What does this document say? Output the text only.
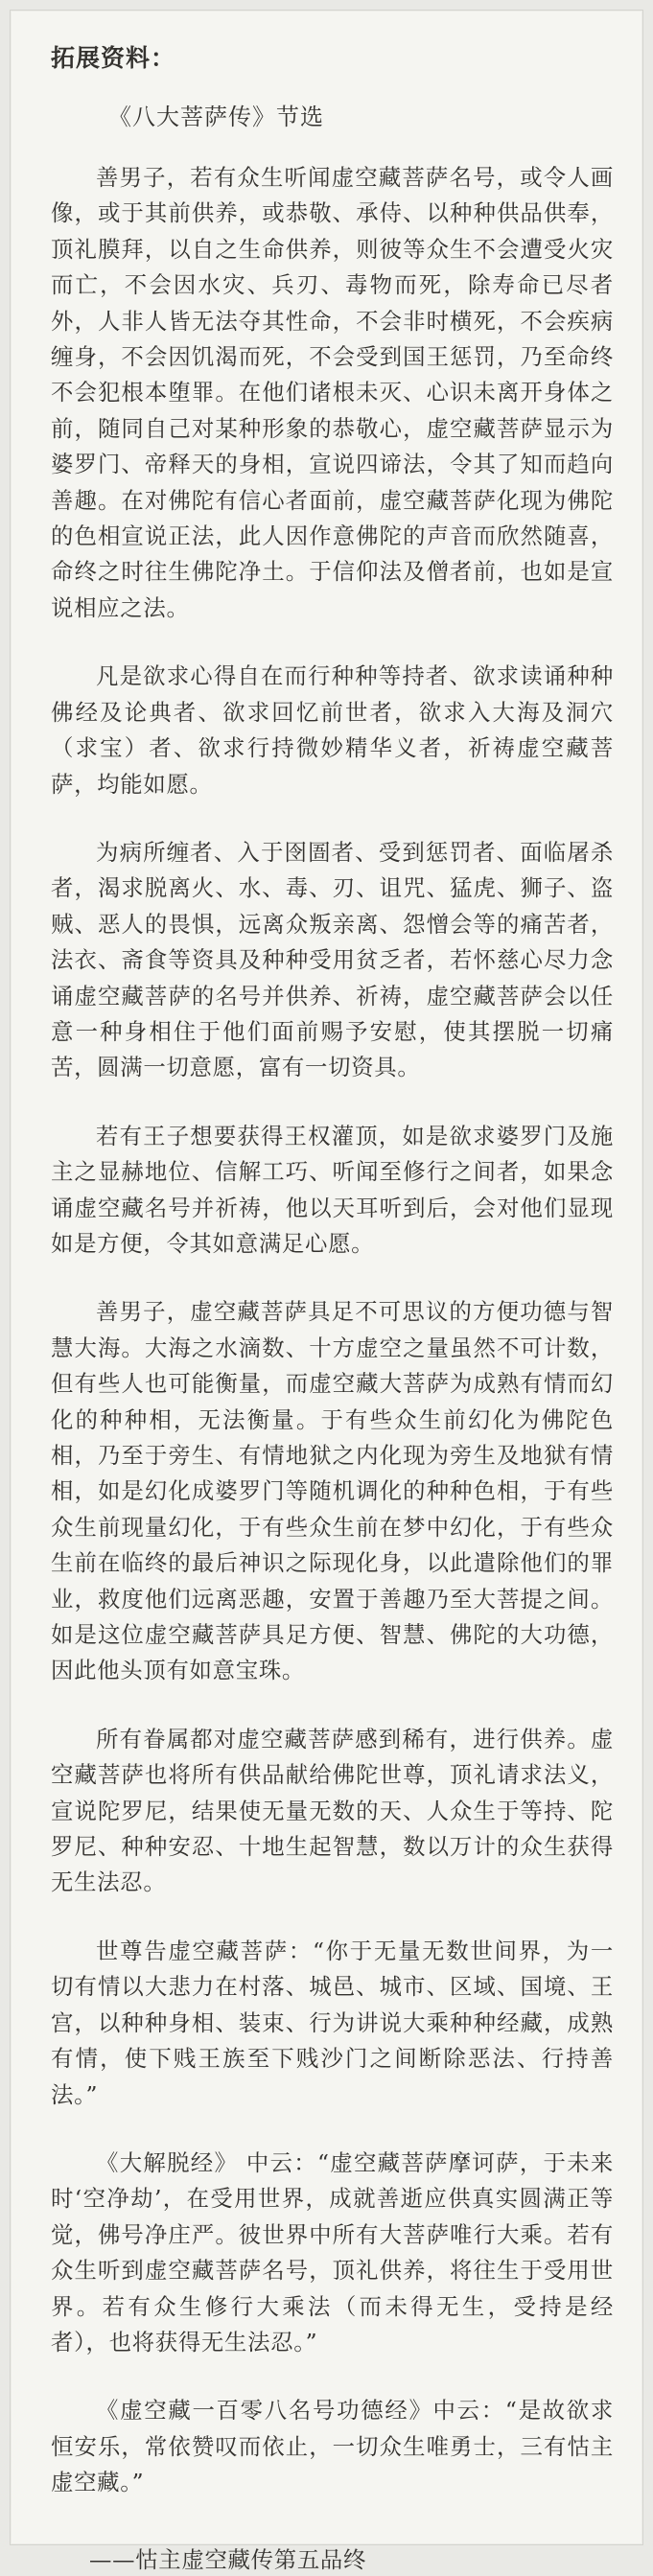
拓展资料：

《八大菩萨传》节选

善男子，若有众生听闻虚空藏菩萨名号，或令人画像，或于其前供养，或恭敬、承侍、以种种供品供奉，顶礼膜拜，以自之生命供养，则彼等众生不会遭受火灾而亡，不会因水灾、兵刃、毒物而死，除寿命已尽者外，人非人皆无法夺其性命，不会非时横死，不会疾病缠身，不会因饥渴而死，不会受到国王惩罚，乃至命终不会犯根本堕罪。在他们诸根未灭、心识未离开身体之前，随同自己对某种形象的恭敬心，虚空藏菩萨显示为婆罗门、帝释天的身相，宣说四谛法，令其了知而趋向善趣。在对佛陀有信心者面前，虚空藏菩萨化现为佛陀的色相宣说正法，此人因作意佛陀的声音而欣然随喜，命终之时往生佛陀净土。于信仰法及僧者前，也如是宣说相应之法。

凡是欲求心得自在而行种种等持者、欲求读诵种种佛经及论典者、欲求回忆前世者，欲求入大海及洞穴（求宝）者、欲求行持微妙精华义者，祈祷虚空藏菩萨，均能如愿。

为病所缠者、入于囹圄者、受到惩罚者、面临屠杀者，渴求脱离火、水、毒、刃、诅咒、猛虎、狮子、盗贼、恶人的畏惧，远离众叛亲离、怨憎会等的痛苦者，法衣、斋食等资具及种种受用贫乏者，若怀慈心尽力念诵虚空藏菩萨的名号并供养、祈祷，虚空藏菩萨会以任意一种身相住于他们面前赐予安慰，使其摆脱一切痛苦，圆满一切意愿，富有一切资具。

若有王子想要获得王权灌顶，如是欲求婆罗门及施主之显赫地位、信解工巧、听闻至修行之间者，如果念诵虚空藏名号并祈祷，他以天耳听到后，会对他们显现如是方便，令其如意满足心愿。

善男子，虚空藏菩萨具足不可思议的方便功德与智慧大海。大海之水滴数、十方虚空之量虽然不可计数，但有些人也可能衡量，而虚空藏大菩萨为成熟有情而幻化的种种相，无法衡量。于有些众生前幻化为佛陀色相，乃至于旁生、有情地狱之内化现为旁生及地狱有情相，如是幻化成婆罗门等随机调化的种种色相，于有些众生前现量幻化，于有些众生前在梦中幻化，于有些众生前在临终的最后神识之际现化身，以此遣除他们的罪业，救度他们远离恶趣，安置于善趣乃至大菩提之间。如是这位虚空藏菩萨具足方便、智慧、佛陀的大功德，因此他头顶有如意宝珠。

所有眷属都对虚空藏菩萨感到稀有，进行供养。虚空藏菩萨也将所有供品献给佛陀世尊，顶礼请求法义，宣说陀罗尼，结果使无量无数的天、人众生于等持、陀罗尼、种种安忍、十地生起智慧，数以万计的众生获得无生法忍。

世尊告虚空藏菩萨：“你于无量无数世间界，为一切有情以大悲力在村落、城邑、城市、区域、国境、王宫，以种种身相、装束、行为讲说大乘种种经藏，成熟有情，使下贱王族至下贱沙门之间断除恶法、行持善法。”

《大解脱经》 中云：“虚空藏菩萨摩诃萨，于未来时‘空净劫’，在受用世界，成就善逝应供真实圆满正等觉，佛号净庄严。彼世界中所有大菩萨唯行大乘。若有众生听到虚空藏菩萨名号，顶礼供养，将往生于受用世界。若有众生修行大乘法（而未得无生，受持是经者），也将获得无生法忍。”

《虚空藏一百零八名号功德经》中云：“是故欲求恒安乐，常依赞叹而依止，一切众生唯勇士，三有怙主虚空藏。”

——怙主虚空藏传第五品终
